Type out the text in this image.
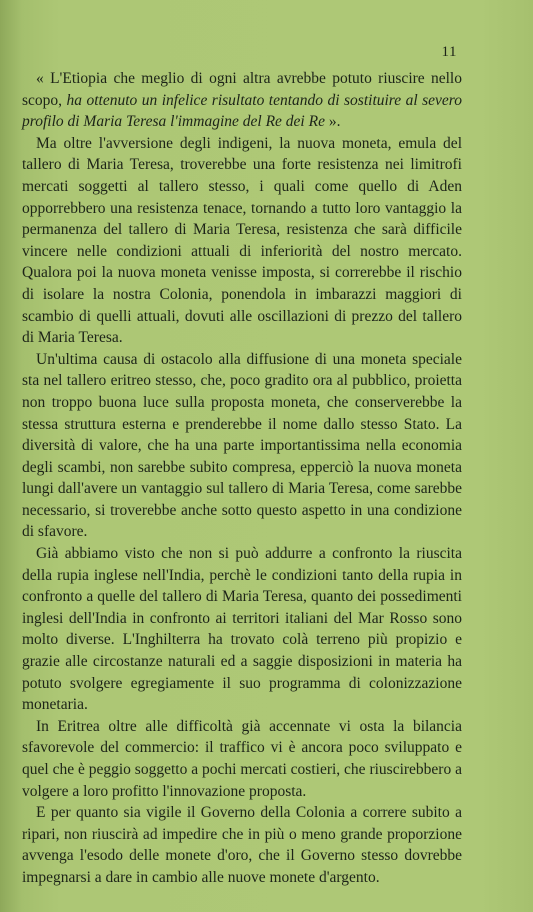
11

« L'Etiopia che meglio di ogni altra avrebbe potuto riuscire nello scopo, ha ottenuto un infelice risultato tentando di sostituire al severo profilo di Maria Teresa l'immagine del Re dei Re ».

Ma oltre l'avversione degli indigeni, la nuova moneta, emula del tallero di Maria Teresa, troverebbe una forte resistenza nei limitrofi mercati soggetti al tallero stesso, i quali come quello di Aden opporrebbero una resistenza tenace, tornando a tutto loro vantaggio la permanenza del tallero di Maria Teresa, resistenza che sarà difficile vincere nelle condizioni attuali di inferiorità del nostro mercato. Qualora poi la nuova moneta venisse imposta, si correrebbe il rischio di isolare la nostra Colonia, ponendola in imbarazzi maggiori di scambio di quelli attuali, dovuti alle oscillazioni di prezzo del tallero di Maria Teresa.

Un'ultima causa di ostacolo alla diffusione di una moneta speciale sta nel tallero eritreo stesso, che, poco gradito ora al pubblico, proietta non troppo buona luce sulla proposta moneta, che conserverebbe la stessa struttura esterna e prenderebbe il nome dallo stesso Stato. La diversità di valore, che ha una parte importantissima nella economia degli scambi, non sarebbe subito compresa, epperciò la nuova moneta lungi dall'avere un vantaggio sul tallero di Maria Teresa, come sarebbe necessario, si troverebbe anche sotto questo aspetto in una condizione di sfavore.

Già abbiamo visto che non si può addurre a confronto la riuscita della rupia inglese nell'India, perchè le condizioni tanto della rupia in confronto a quelle del tallero di Maria Teresa, quanto dei possedimenti inglesi dell'India in confronto ai territori italiani del Mar Rosso sono molto diverse. L'Inghilterra ha trovato colà terreno più propizio e grazie alle circostanze naturali ed a saggie disposizioni in materia ha potuto svolgere egregiamente il suo programma di colonizzazione monetaria.

In Eritrea oltre alle difficoltà già accennate vi osta la bilancia sfavorevole del commercio: il traffico vi è ancora poco sviluppato e quel che è peggio soggetto a pochi mercati costieri, che riuscirebbero a volgere a loro profitto l'innovazione proposta.

E per quanto sia vigile il Governo della Colonia a correre subito a ripari, non riuscirà ad impedire che in più o meno grande proporzione avvenga l'esodo delle monete d'oro, che il Governo stesso dovrebbe impegnarsi a dare in cambio alle nuove monete d'argento.
